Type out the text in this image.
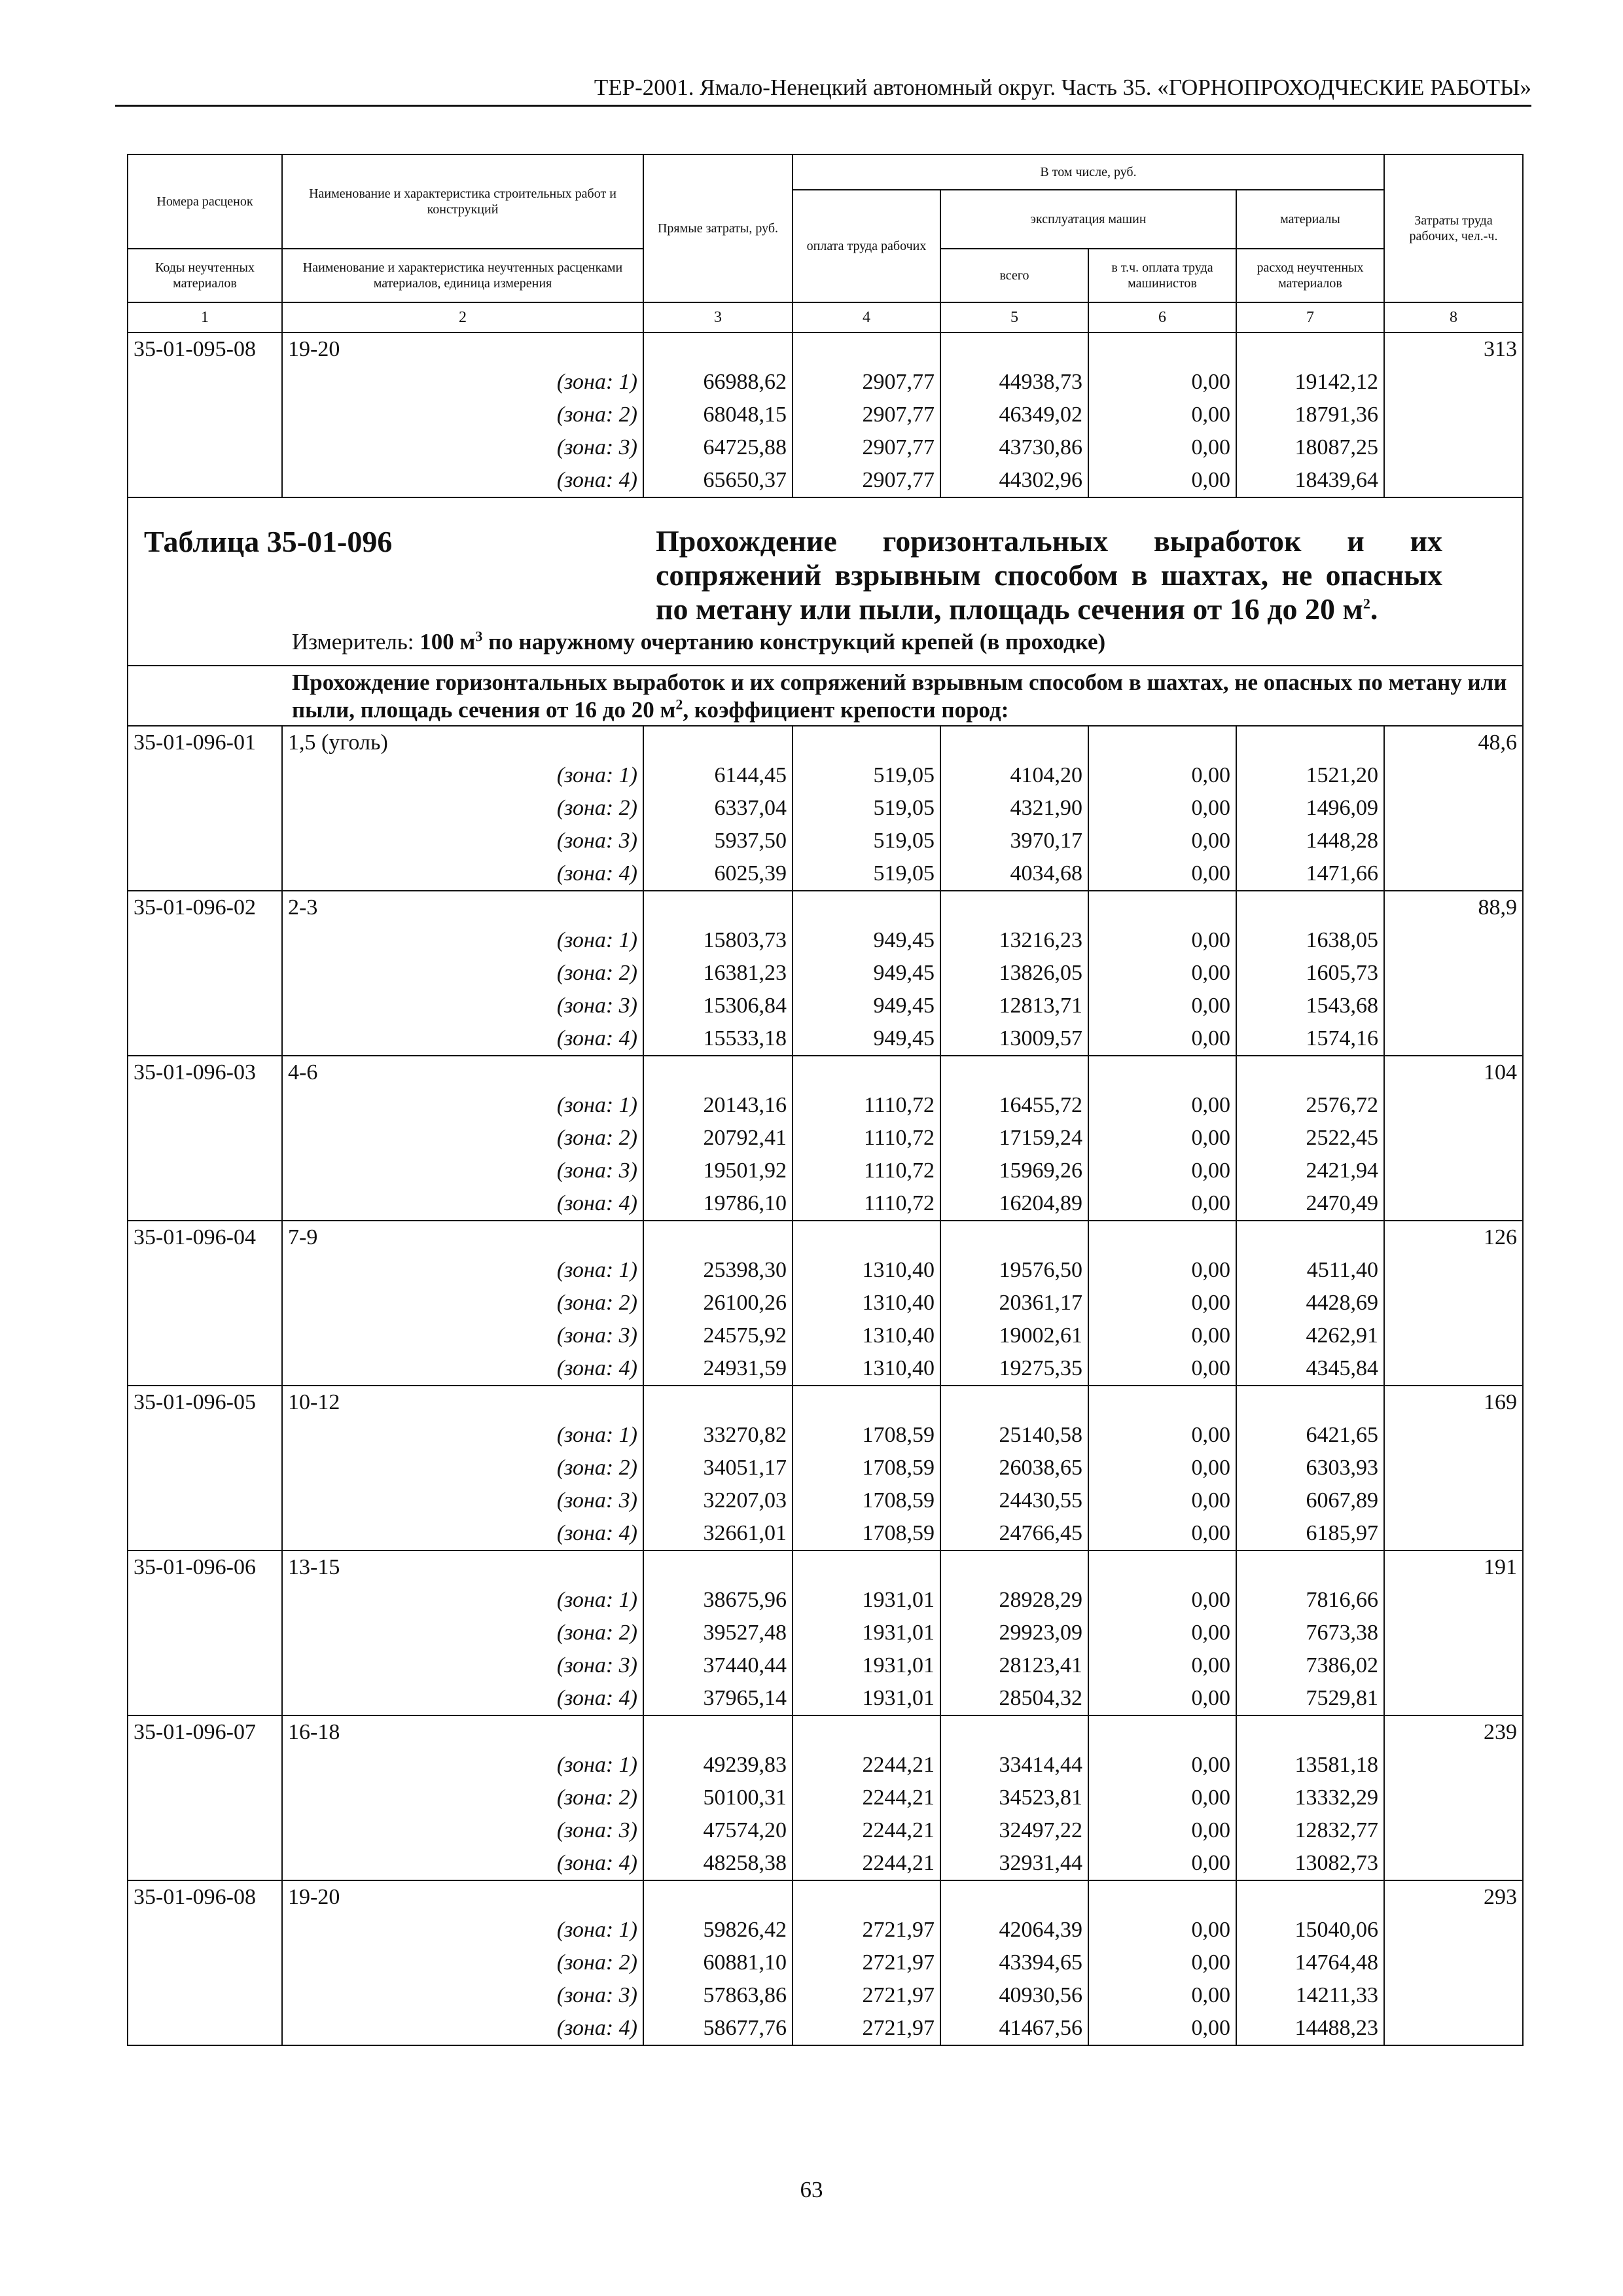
ТЕР-2001. Ямало-Ненецкий автономный округ. Часть 35. «ГОРНОПРОХОДЧЕСКИЕ РАБОТЫ»
Номера расценок	Наименование и характеристика строительных работ и конструкций	Прямые затраты, руб.	В том числе, руб.				Затраты труда рабочих, чел.-ч.
			оплата труда рабочих	эксплуатация машин		материалы	
Коды неучтенных материалов	Наименование и характеристика неучтенных расценками материалов, единица измерения			всего	в т.ч. оплата труда машинистов	расход неучтенных материалов	
1	2	3	4	5	6	7	8
35-01-095-08	19-20						313
	(зона: 1)	66988,62	2907,77	44938,73	0,00	19142,12	
	(зона: 2)	68048,15	2907,77	46349,02	0,00	18791,36	
	(зона: 3)	64725,88	2907,77	43730,86	0,00	18087,25	
	(зона: 4)	65650,37	2907,77	44302,96	0,00	18439,64	

Таблица 35-01-096 Прохождение горизонтальных выработок и их сопряжений взрывным способом в шахтах, не опасных по метану или пыли, площадь сечения от 16 до 20 $м^2$.
Измеритель: 100 $м^3$ по наружному очертанию конструкций крепей (в проходке)							

Прохождение горизонтальных выработок и их сопряжений взрывным способом в шахтах, не опасных по метану или пыли, площадь сечения от 16 до 20 $м^2$, коэффициент крепости пород:							

35-01-096-01	1,5 (уголь)						48,6
	(зона: 1)	6144,45	519,05	4104,20	0,00	1521,20	
	(зона: 2)	6337,04	519,05	4321,90	0,00	1496,09	
	(зона: 3)	5937,50	519,05	3970,17	0,00	1448,28	
	(зона: 4)	6025,39	519,05	4034,68	0,00	1471,66	
35-01-096-02	2-3						88,9
	(зона: 1)	15803,73	949,45	13216,23	0,00	1638,05	
	(зона: 2)	16381,23	949,45	13826,05	0,00	1605,73	
	(зона: 3)	15306,84	949,45	12813,71	0,00	1543,68	
	(зона: 4)	15533,18	949,45	13009,57	0,00	1574,16	
35-01-096-03	4-6						104
	(зона: 1)	20143,16	1110,72	16455,72	0,00	2576,72	
	(зона: 2)	20792,41	1110,72	17159,24	0,00	2522,45	
	(зона: 3)	19501,92	1110,72	15969,26	0,00	2421,94	
	(зона: 4)	19786,10	1110,72	16204,89	0,00	2470,49	
35-01-096-04	7-9						126
	(зона: 1)	25398,30	1310,40	19576,50	0,00	4511,40	
	(зона: 2)	26100,26	1310,40	20361,17	0,00	4428,69	
	(зона: 3)	24575,92	1310,40	19002,61	0,00	4262,91	
	(зона: 4)	24931,59	1310,40	19275,35	0,00	4345,84	
35-01-096-05	10-12						169
	(зона: 1)	33270,82	1708,59	25140,58	0,00	6421,65	
	(зона: 2)	34051,17	1708,59	26038,65	0,00	6303,93	
	(зона: 3)	32207,03	1708,59	24430,55	0,00	6067,89	
	(зона: 4)	32661,01	1708,59	24766,45	0,00	6185,97	
35-01-096-06	13-15						191
	(зона: 1)	38675,96	1931,01	28928,29	0,00	7816,66	
	(зона: 2)	39527,48	1931,01	29923,09	0,00	7673,38	
	(зона: 3)	37440,44	1931,01	28123,41	0,00	7386,02	
	(зона: 4)	37965,14	1931,01	28504,32	0,00	7529,81	
35-01-096-07	16-18						239
	(зона: 1)	49239,83	2244,21	33414,44	0,00	13581,18	
	(зона: 2)	50100,31	2244,21	34523,81	0,00	13332,29	
	(зона: 3)	47574,20	2244,21	32497,22	0,00	12832,77	
	(зона: 4)	48258,38	2244,21	32931,44	0,00	13082,73	
35-01-096-08	19-20						293
	(зона: 1)	59826,42	2721,97	42064,39	0,00	15040,06	
	(зона: 2)	60881,10	2721,97	43394,65	0,00	14764,48	
	(зона: 3)	57863,86	2721,97	40930,56	0,00	14211,33	
	(зона: 4)	58677,76	2721,97	41467,56	0,00	14488,23	
63
